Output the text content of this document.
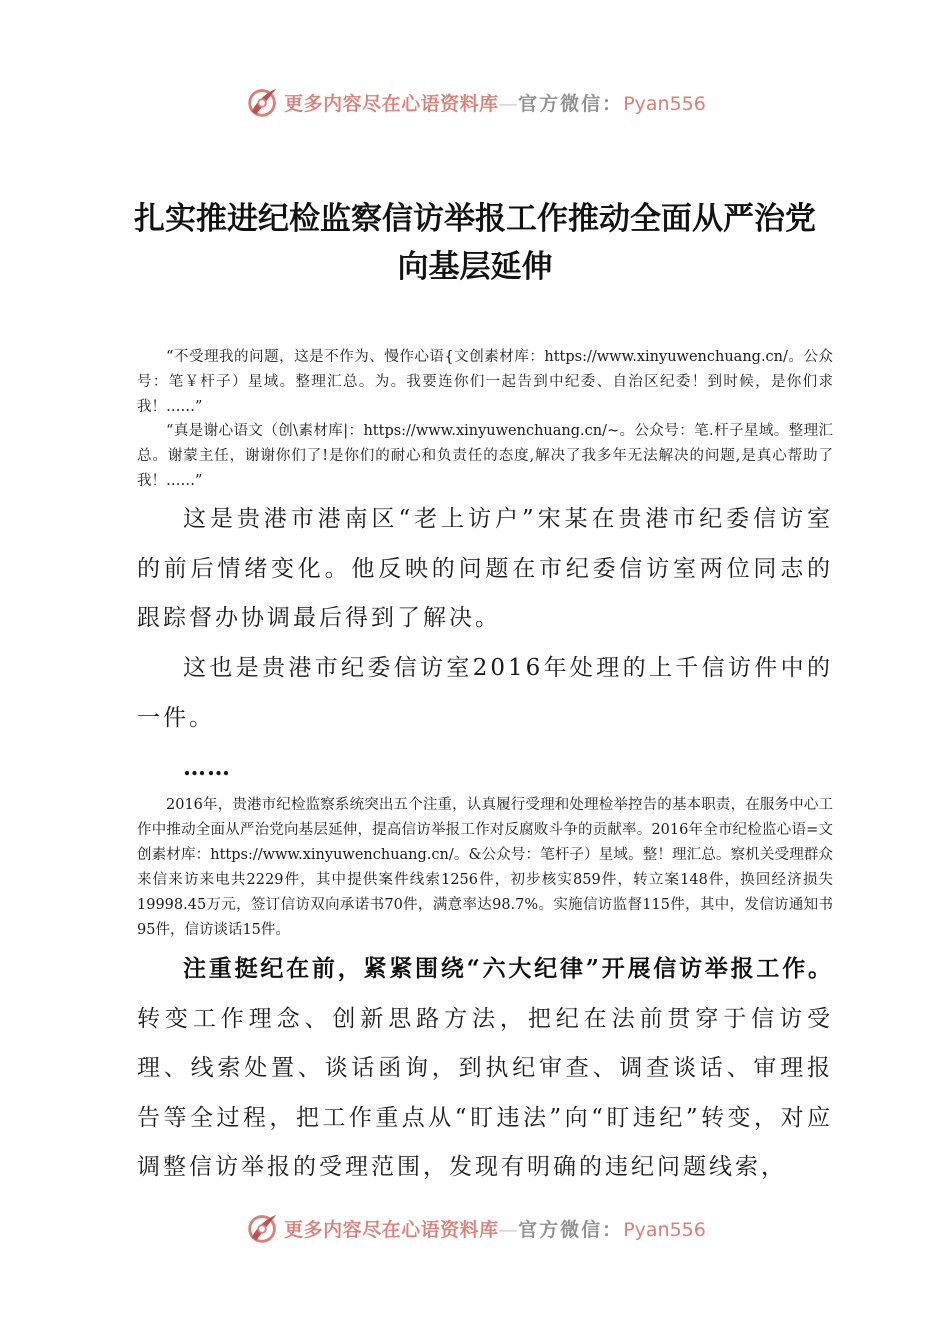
更多内容尽在心语资料库—官方微信：Pyan556
扎实推进纪检监察信访举报工作推动全面从严治党向基层延伸

“不受理我的问题，这是不作为、慢作心语{文创素材库：https://www.xinyuwenchuang.cn/。公众号：笔￥杆子）星域。整理汇总。为。我要连你们一起告到中纪委、自治区纪委！到时候，是你们求我！……”

“真是谢心语文（创\素材库|：https://www.xinyuwenchuang.cn/~。公众号：笔.杆子星域。整理汇总。谢蒙主任，谢谢你们了!是你们的耐心和负责任的态度,解决了我多年无法解决的问题,是真心帮助了我！……”

这是贵港市港南区“老上访户”宋某在贵港市纪委信访室的前后情绪变化。他反映的问题在市纪委信访室两位同志的跟踪督办协调最后得到了解决。

这也是贵港市纪委信访室2016年处理的上千信访件中的一件。

……

2016年，贵港市纪检监察系统突出五个注重，认真履行受理和处理检举控告的基本职责，在服务中心工作中推动全面从严治党向基层延伸，提高信访举报工作对反腐败斗争的贡献率。2016年全市纪检监心语=文创素材库：https://www.xinyuwenchuang.cn/。&公众号：笔杆子）星域。整！理汇总。察机关受理群众来信来访来电共2229件，其中提供案件线索1256件，初步核实859件，转立案148件，换回经济损失19998.45万元，签订信访双向承诺书70件，满意率达98.7%。实施信访监督115件，其中，发信访通知书95件，信访谈话15件。

注重挺纪在前，紧紧围绕“六大纪律”开展信访举报工作。转变工作理念、创新思路方法，把纪在法前贯穿于信访受理、线索处置、谈话函询，到执纪审查、调查谈话、审理报告等全过程，把工作重点从“盯违法”向“盯违纪”转变，对应调整信访举报的受理范围，发现有明确的违纪问题线索，

更多内容尽在心语资料库—官方微信：Pyan556
